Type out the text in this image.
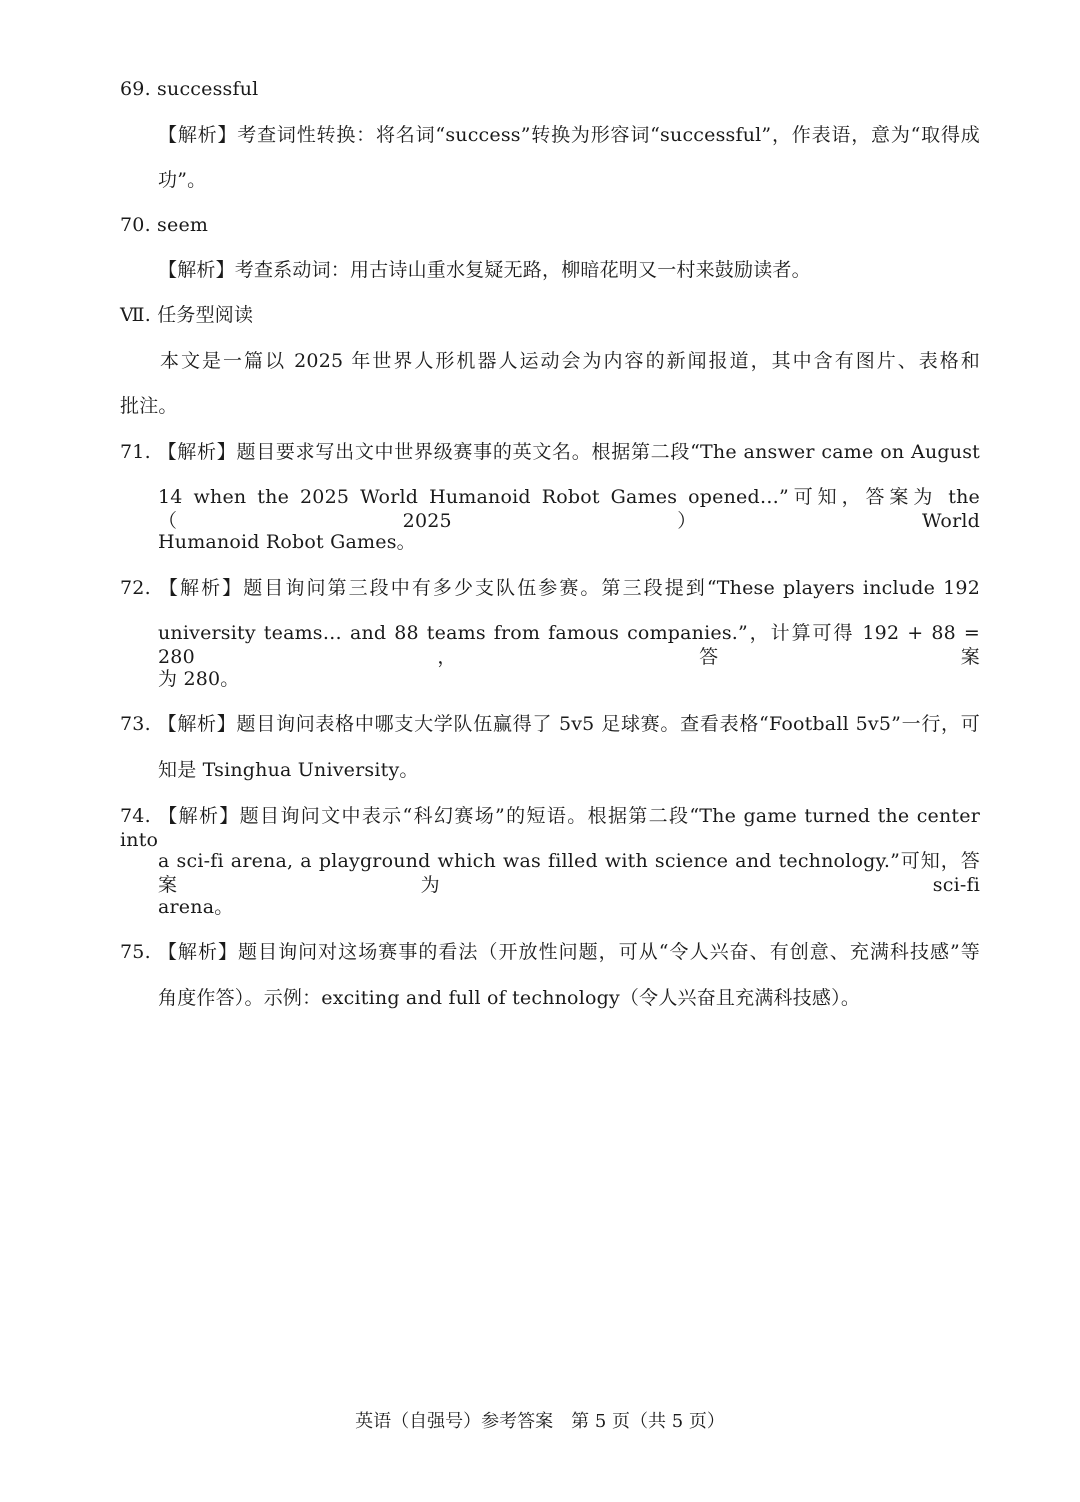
69. successful
【解析】考查词性转换：将名词“success”转换为形容词“successful”，作表语，意为“取得成
功”。
70. seem
【解析】考查系动词：用古诗山重水复疑无路，柳暗花明又一村来鼓励读者。
Ⅶ. 任务型阅读
本文是一篇以 2025 年世界人形机器人运动会为内容的新闻报道，其中含有图片、表格和
批注。
71. 【解析】题目要求写出文中世界级赛事的英文名。根据第二段“The answer came on August
14 when the 2025 World Humanoid Robot Games opened…”可知，答案为 the（2025）World
Humanoid Robot Games。
72. 【解析】题目询问第三段中有多少支队伍参赛。第三段提到“These players include 192
university teams… and 88 teams from famous companies.”，计算可得 192 + 88 = 280，答案
为 280。
73. 【解析】题目询问表格中哪支大学队伍赢得了 5v5 足球赛。查看表格“Football 5v5”一行，可
知是 Tsinghua University。
74. 【解析】题目询问文中表示“科幻赛场”的短语。根据第二段“The game turned the center into
a sci-fi arena, a playground which was filled with science and technology.”可知，答案为 sci-fi
arena。
75. 【解析】题目询问对这场赛事的看法（开放性问题，可从“令人兴奋、有创意、充满科技感”等
角度作答）。示例：exciting and full of technology（令人兴奋且充满科技感）。
英语（自强号）参考答案　第 5 页（共 5 页）
